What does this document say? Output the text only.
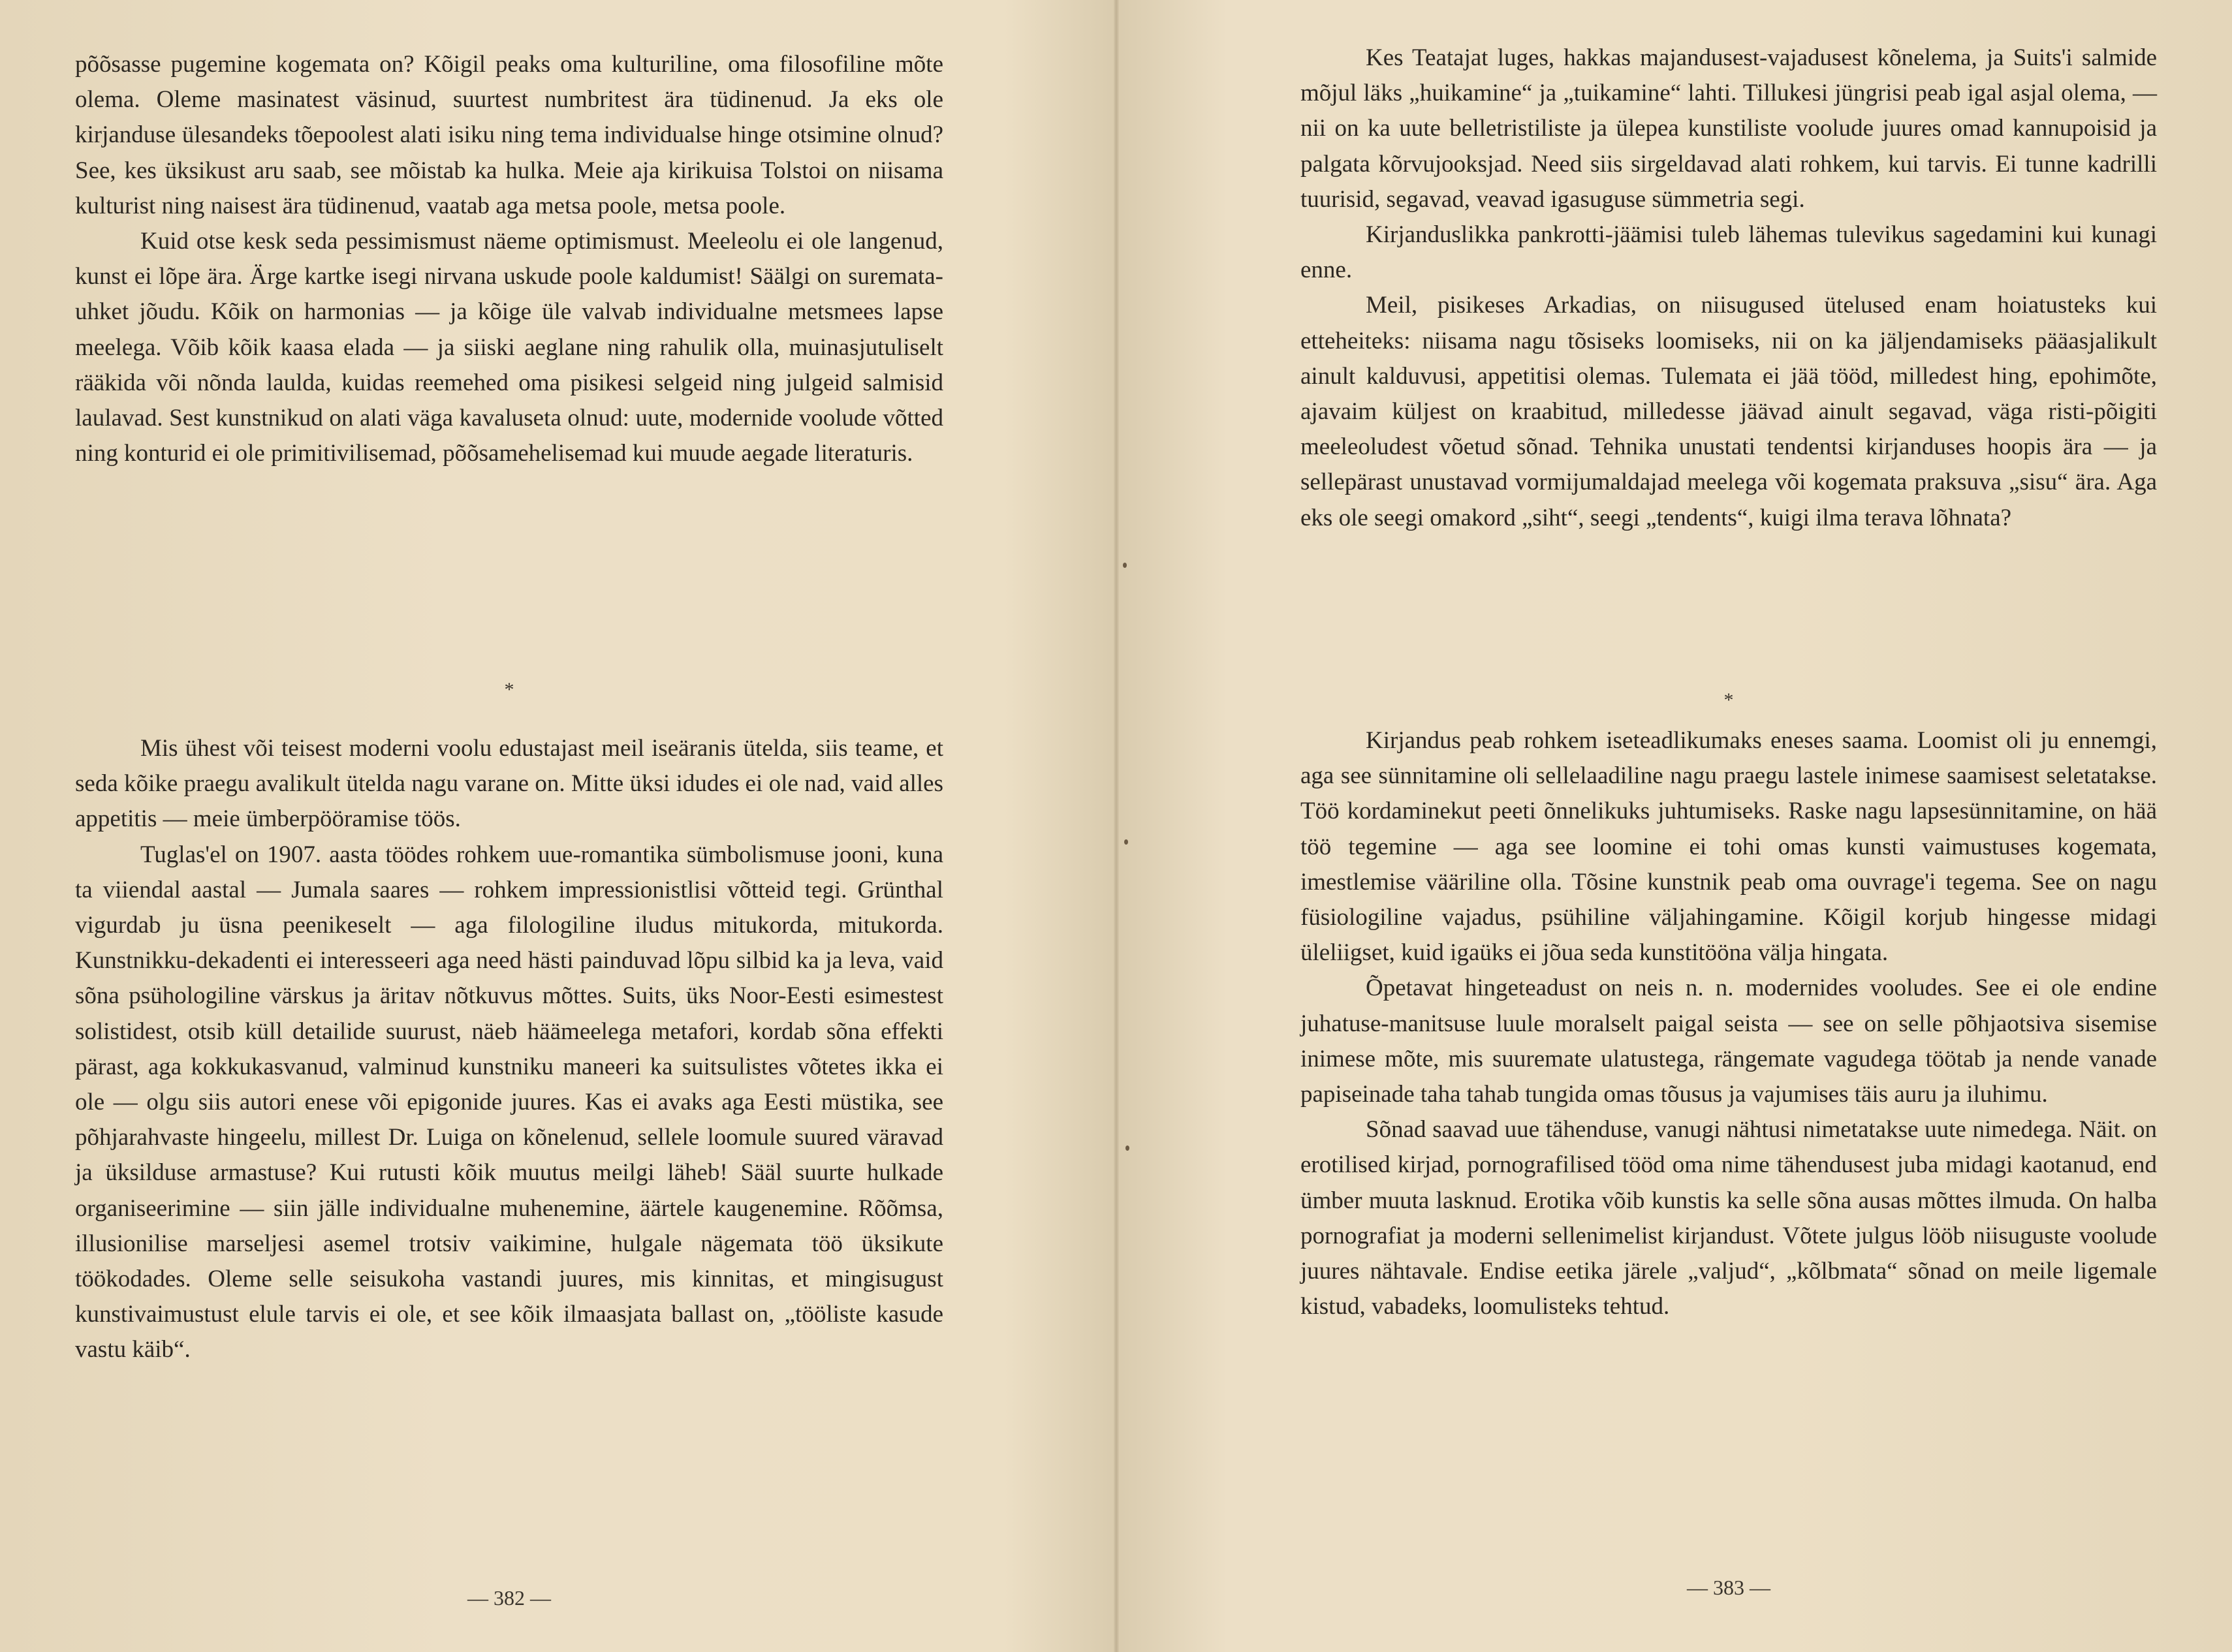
põõsasse pugemine kogemata on? Kõigil peaks oma kulturiline, oma filosofiline mõte olema. Oleme masinatest väsinud, suurtest numbritest ära tüdinenud. Ja eks ole kirjanduse ülesandeks tõepoolest alati isiku ning tema individualse hinge otsimine olnud? See, kes üksikust aru saab, see mõistab ka hulka. Meie aja kirikuisa Tolstoi on niisama kulturist ning naisest ära tüdinenud, vaatab aga metsa poole, metsa poole.

Kuid otse kesk seda pessimismust näeme optimismust. Meeleolu ei ole langenud, kunst ei lõpe ära. Ärge kartke isegi nirvana uskude poole kaldumist! Säälgi on suremata-uhket jõudu. Kõik on harmonias — ja kõige üle valvab individualne metsmees lapse meelega. Võib kõik kaasa elada — ja siiski aeglane ning rahulik olla, muinasjutuliselt rääkida või nõnda laulda, kuidas reemehed oma pisikesi selgeid ning julgeid salmisid laulavad. Sest kunstnikud on alati väga kavaluseta olnud: uute, modernide voolude võtted ning konturid ei ole primitivilisemad, põõsamehelisemad kui muude aegade literaturis.

*

Mis ühest või teisest moderni voolu edustajast meil iseäranis ütelda, siis teame, et seda kõike praegu avalikult ütelda nagu varane on. Mitte üksi idudes ei ole nad, vaid alles appetitis — meie ümberpööramise töös.

Tuglas'el on 1907. aasta töödes rohkem uue-romantika sümbolismuse jooni, kuna ta viiendal aastal — Jumala saares — rohkem impressionistlisi võtteid tegi. Grünthal vigurdab ju üsna peenikeselt — aga filologiline iludus mitukorda, mitukorda. Kunstnikku-dekadenti ei interesseeri aga need hästi painduvad lõpu silbid ka ja leva, vaid sõna psühologiline värskus ja äritav nõtkuvus mõttes. Suits, üks Noor-Eesti esimestest solistidest, otsib küll detailide suurust, näeb häämeelega metafori, kordab sõna effekti pärast, aga kokkukasvanud, valminud kunstniku maneeri ka suitsulistes võtetes ikka ei ole — olgu siis autori enese või epigonide juures. Kas ei avaks aga Eesti müstika, see põhjarahvaste hingeelu, millest Dr. Luiga on kõnelenud, sellele loomule suured väravad ja üksilduse armastuse? Kui rutusti kõik muutus meilgi läheb! Sääl suurte hulkade organiseerimine — siin jälle individualne muhenemine, äärtele kaugenemine. Rõõmsa, illusionilise marseljesi asemel trotsiv vaikimine, hulgale nägemata töö üksikute töökodades. Oleme selle seisukoha vastandi juures, mis kinnitas, et mingisugust kunstivaimustust elule tarvis ei ole, et see kõik ilmaasjata ballast on, „tööliste kasude vastu käib“.

— 382 —

Kes Teatajat luges, hakkas majandusest-vajadusest kõnelema, ja Suits'i salmide mõjul läks „huikamine“ ja „tuikamine“ lahti. Tillukesi jüngrisi peab igal asjal olema, — nii on ka uute belletristiliste ja ülepea kunstiliste voolude juures omad kannupoisid ja palgata kõrvujooksjad. Need siis sirgeldavad alati rohkem, kui tarvis. Ei tunne kadrilli tuurisid, segavad, veavad igasuguse sümmetria segi.

Kirjanduslikka pankrotti-jäämisi tuleb lähemas tulevikus sagedamini kui kunagi enne.

Meil, pisikeses Arkadias, on niisugused ütelused enam hoiatusteks kui etteheiteks: niisama nagu tõsiseks loomiseks, nii on ka jäljendamiseks pääasjalikult ainult kalduvusi, appetitisi olemas. Tulemata ei jää tööd, milledest hing, epohimõte, ajavaim küljest on kraabitud, milledesse jäävad ainult segavad, väga risti-põigiti meeleoludest võetud sõnad. Tehnika unustati tendentsi kirjanduses hoopis ära — ja sellepärast unustavad vormijumaldajad meelega või kogemata praksuva „sisu“ ära. Aga eks ole seegi omakord „siht“, seegi „tendents“, kuigi ilma terava lõhnata?

*

Kirjandus peab rohkem iseteadlikumaks eneses saama. Loomist oli ju ennemgi, aga see sünnitamine oli sellelaadiline nagu praegu lastele inimese saamisest seletatakse. Töö kordaminekut peeti õnnelikuks juhtumiseks. Raske nagu lapsesünnitamine, on hää töö tegemine — aga see loomine ei tohi omas kunsti vaimustuses kogemata, imestlemise vääriline olla. Tõsine kunstnik peab oma ouvrage'i tegema. See on nagu füsiologiline vajadus, psühiline väljahingamine. Kõigil korjub hingesse midagi üleliigset, kuid igaüks ei jõua seda kunstitööna välja hingata.

Õpetavat hingeteadust on neis n. n. modernides vooludes. See ei ole endine juhatuse-manitsuse luule moralselt paigal seista — see on selle põhjaotsiva sisemise inimese mõte, mis suuremate ulatustega, rängemate vagudega töötab ja nende vanade papiseinade taha tahab tungida omas tõusus ja vajumises täis auru ja iluhimu.

Sõnad saavad uue tähenduse, vanugi nähtusi nimetatakse uute nimedega. Näit. on erotilised kirjad, pornografilised tööd oma nime tähendusest juba midagi kaotanud, end ümber muuta lasknud. Erotika võib kunstis ka selle sõna ausas mõttes ilmuda. On halba pornografiat ja moderni sellenimelist kirjandust. Võtete julgus lööb niisuguste voolude juures nähtavale. Endise eetika järele „valjud“, „kõlbmata“ sõnad on meile ligemale kistud, vabadeks, loomulisteks tehtud.

— 383 —
